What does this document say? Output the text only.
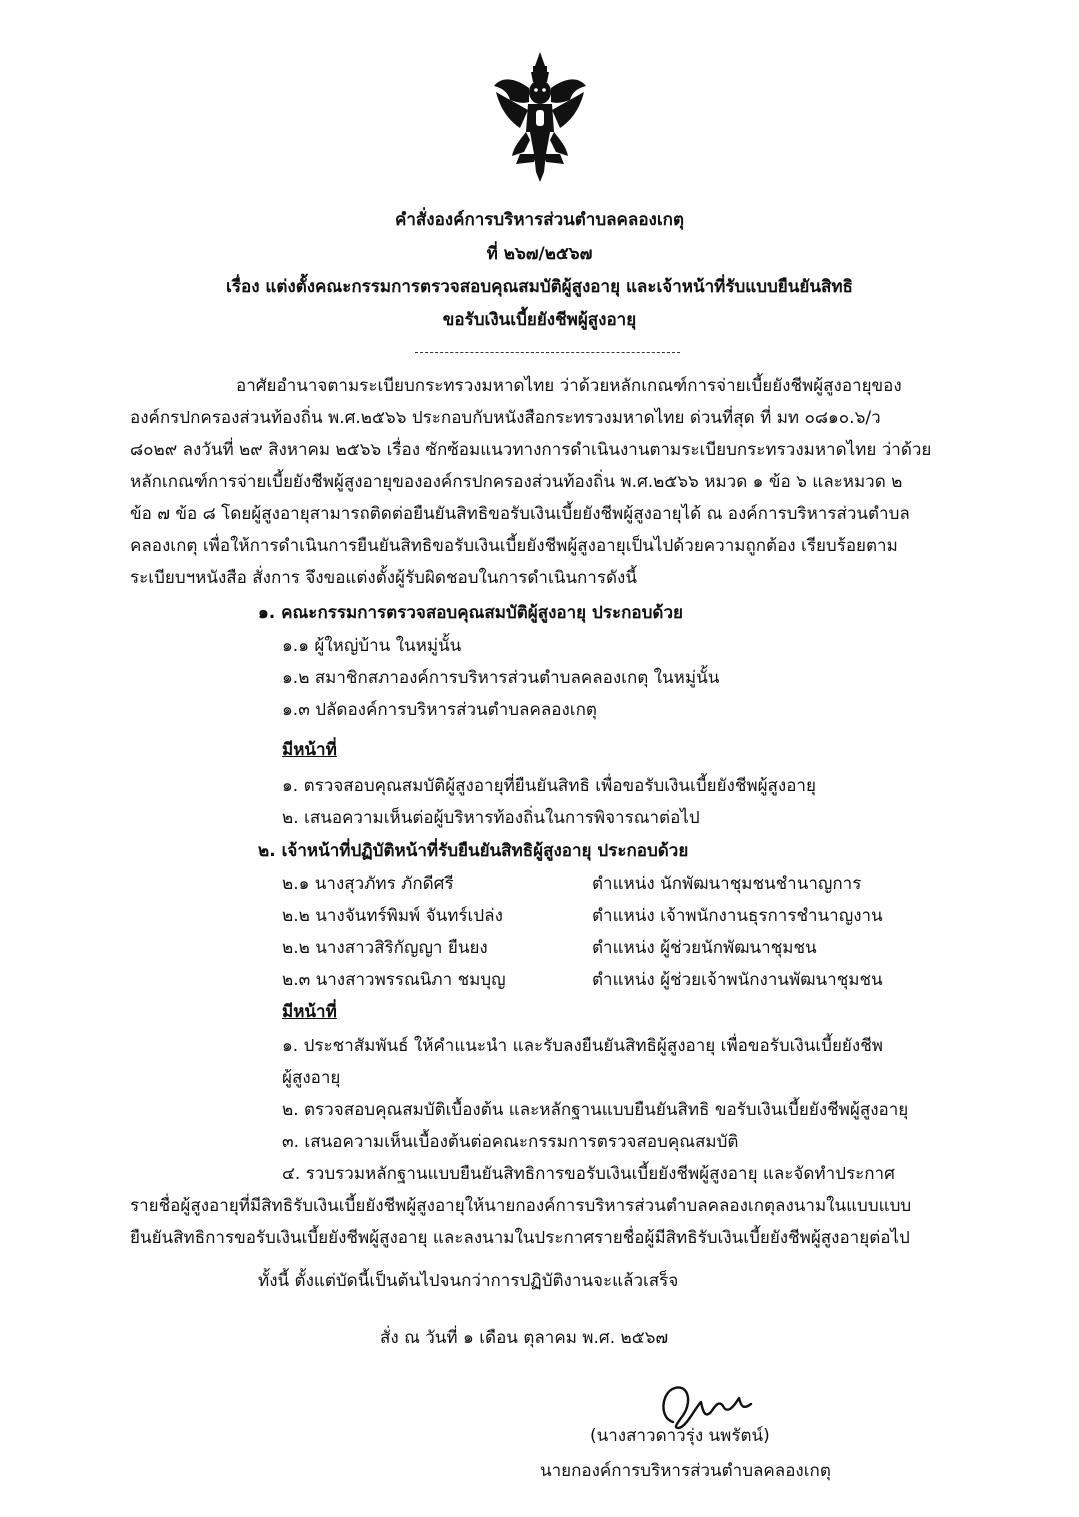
คำสั่งองค์การบริหารส่วนตำบลคลองเกตุ
ที่ ๒๖๗/๒๕๖๗
เรื่อง แต่งตั้งคณะกรรมการตรวจสอบคุณสมบัติผู้สูงอายุ และเจ้าหน้าที่รับแบบยืนยันสิทธิ
ขอรับเงินเบี้ยยังชีพผู้สูงอายุ
อาศัยอำนาจตามระเบียบกระทรวงมหาดไทย ว่าด้วยหลักเกณฑ์การจ่ายเบี้ยยังชีพผู้สูงอายุของ
องค์กรปกครองส่วนท้องถิ่น พ.ศ.๒๕๖๖ ประกอบกับหนังสือกระทรวงมหาดไทย ด่วนที่สุด ที่ มท ๐๘๑๐.๖/ว
๘๐๒๙ ลงวันที่ ๒๙ สิงหาคม ๒๕๖๖ เรื่อง ซักซ้อมแนวทางการดำเนินงานตามระเบียบกระทรวงมหาดไทย ว่าด้วย
หลักเกณฑ์การจ่ายเบี้ยยังชีพผู้สูงอายุขององค์กรปกครองส่วนท้องถิ่น พ.ศ.๒๕๖๖ หมวด ๑ ข้อ ๖ และหมวด ๒
ข้อ ๗ ข้อ ๘ โดยผู้สูงอายุสามารถติดต่อยืนยันสิทธิขอรับเงินเบี้ยยังชีพผู้สูงอายุได้ ณ องค์การบริหารส่วนตำบล
คลองเกตุ เพื่อให้การดำเนินการยืนยันสิทธิขอรับเงินเบี้ยยังชีพผู้สูงอายุเป็นไปด้วยความถูกต้อง เรียบร้อยตาม
ระเบียบฯหนังสือ สั่งการ จึงขอแต่งตั้งผู้รับผิดชอบในการดำเนินการดังนี้
๑. คณะกรรมการตรวจสอบคุณสมบัติผู้สูงอายุ ประกอบด้วย
๑.๑ ผู้ใหญ่บ้าน ในหมู่นั้น
๑.๒ สมาชิกสภาองค์การบริหารส่วนตำบลคลองเกตุ ในหมู่นั้น
๑.๓ ปลัดองค์การบริหารส่วนตำบลคลองเกตุ
มีหน้าที่
๑. ตรวจสอบคุณสมบัติผู้สูงอายุที่ยืนยันสิทธิ เพื่อขอรับเงินเบี้ยยังชีพผู้สูงอายุ
๒. เสนอความเห็นต่อผู้บริหารท้องถิ่นในการพิจารณาต่อไป
๒. เจ้าหน้าที่ปฏิบัติหน้าที่รับยืนยันสิทธิผู้สูงอายุ ประกอบด้วย
๒.๑ นางสุวภัทร ภักดีศรี	ตำแหน่ง นักพัฒนาชุมชนชำนาญการ
๒.๒ นางจันทร์พิมพ์ จันทร์เปล่ง	ตำแหน่ง เจ้าพนักงานธุรการชำนาญงาน
๒.๒ นางสาวสิริกัญญา ยืนยง	ตำแหน่ง ผู้ช่วยนักพัฒนาชุมชน
๒.๓ นางสาวพรรณนิภา ชมบุญ	ตำแหน่ง ผู้ช่วยเจ้าพนักงานพัฒนาชุมชน
มีหน้าที่
๑. ประชาสัมพันธ์ ให้คำแนะนำ และรับลงยืนยันสิทธิผู้สูงอายุ เพื่อขอรับเงินเบี้ยยังชีพ
ผู้สูงอายุ
๒. ตรวจสอบคุณสมบัติเบื้องต้น และหลักฐานแบบยืนยันสิทธิ ขอรับเงินเบี้ยยังชีพผู้สูงอายุ
๓. เสนอความเห็นเบื้องต้นต่อคณะกรรมการตรวจสอบคุณสมบัติ
๔. รวบรวมหลักฐานแบบยืนยันสิทธิการขอรับเงินเบี้ยยังชีพผู้สูงอายุ และจัดทำประกาศ
รายชื่อผู้สูงอายุที่มีสิทธิรับเงินเบี้ยยังชีพผู้สูงอายุให้นายกองค์การบริหารส่วนตำบลคลองเกตุลงนามในแบบแบบ
ยืนยันสิทธิการขอรับเงินเบี้ยยังชีพผู้สูงอายุ และลงนามในประกาศรายชื่อผู้มีสิทธิรับเงินเบี้ยยังชีพผู้สูงอายุต่อไป
ทั้งนี้ ตั้งแต่บัดนี้เป็นต้นไปจนกว่าการปฏิบัติงานจะแล้วเสร็จ
สั่ง ณ วันที่ ๑ เดือน ตุลาคม พ.ศ. ๒๕๖๗
(นางสาวดาวรุ่ง นพรัตน์)
นายกองค์การบริหารส่วนตำบลคลองเกตุ
